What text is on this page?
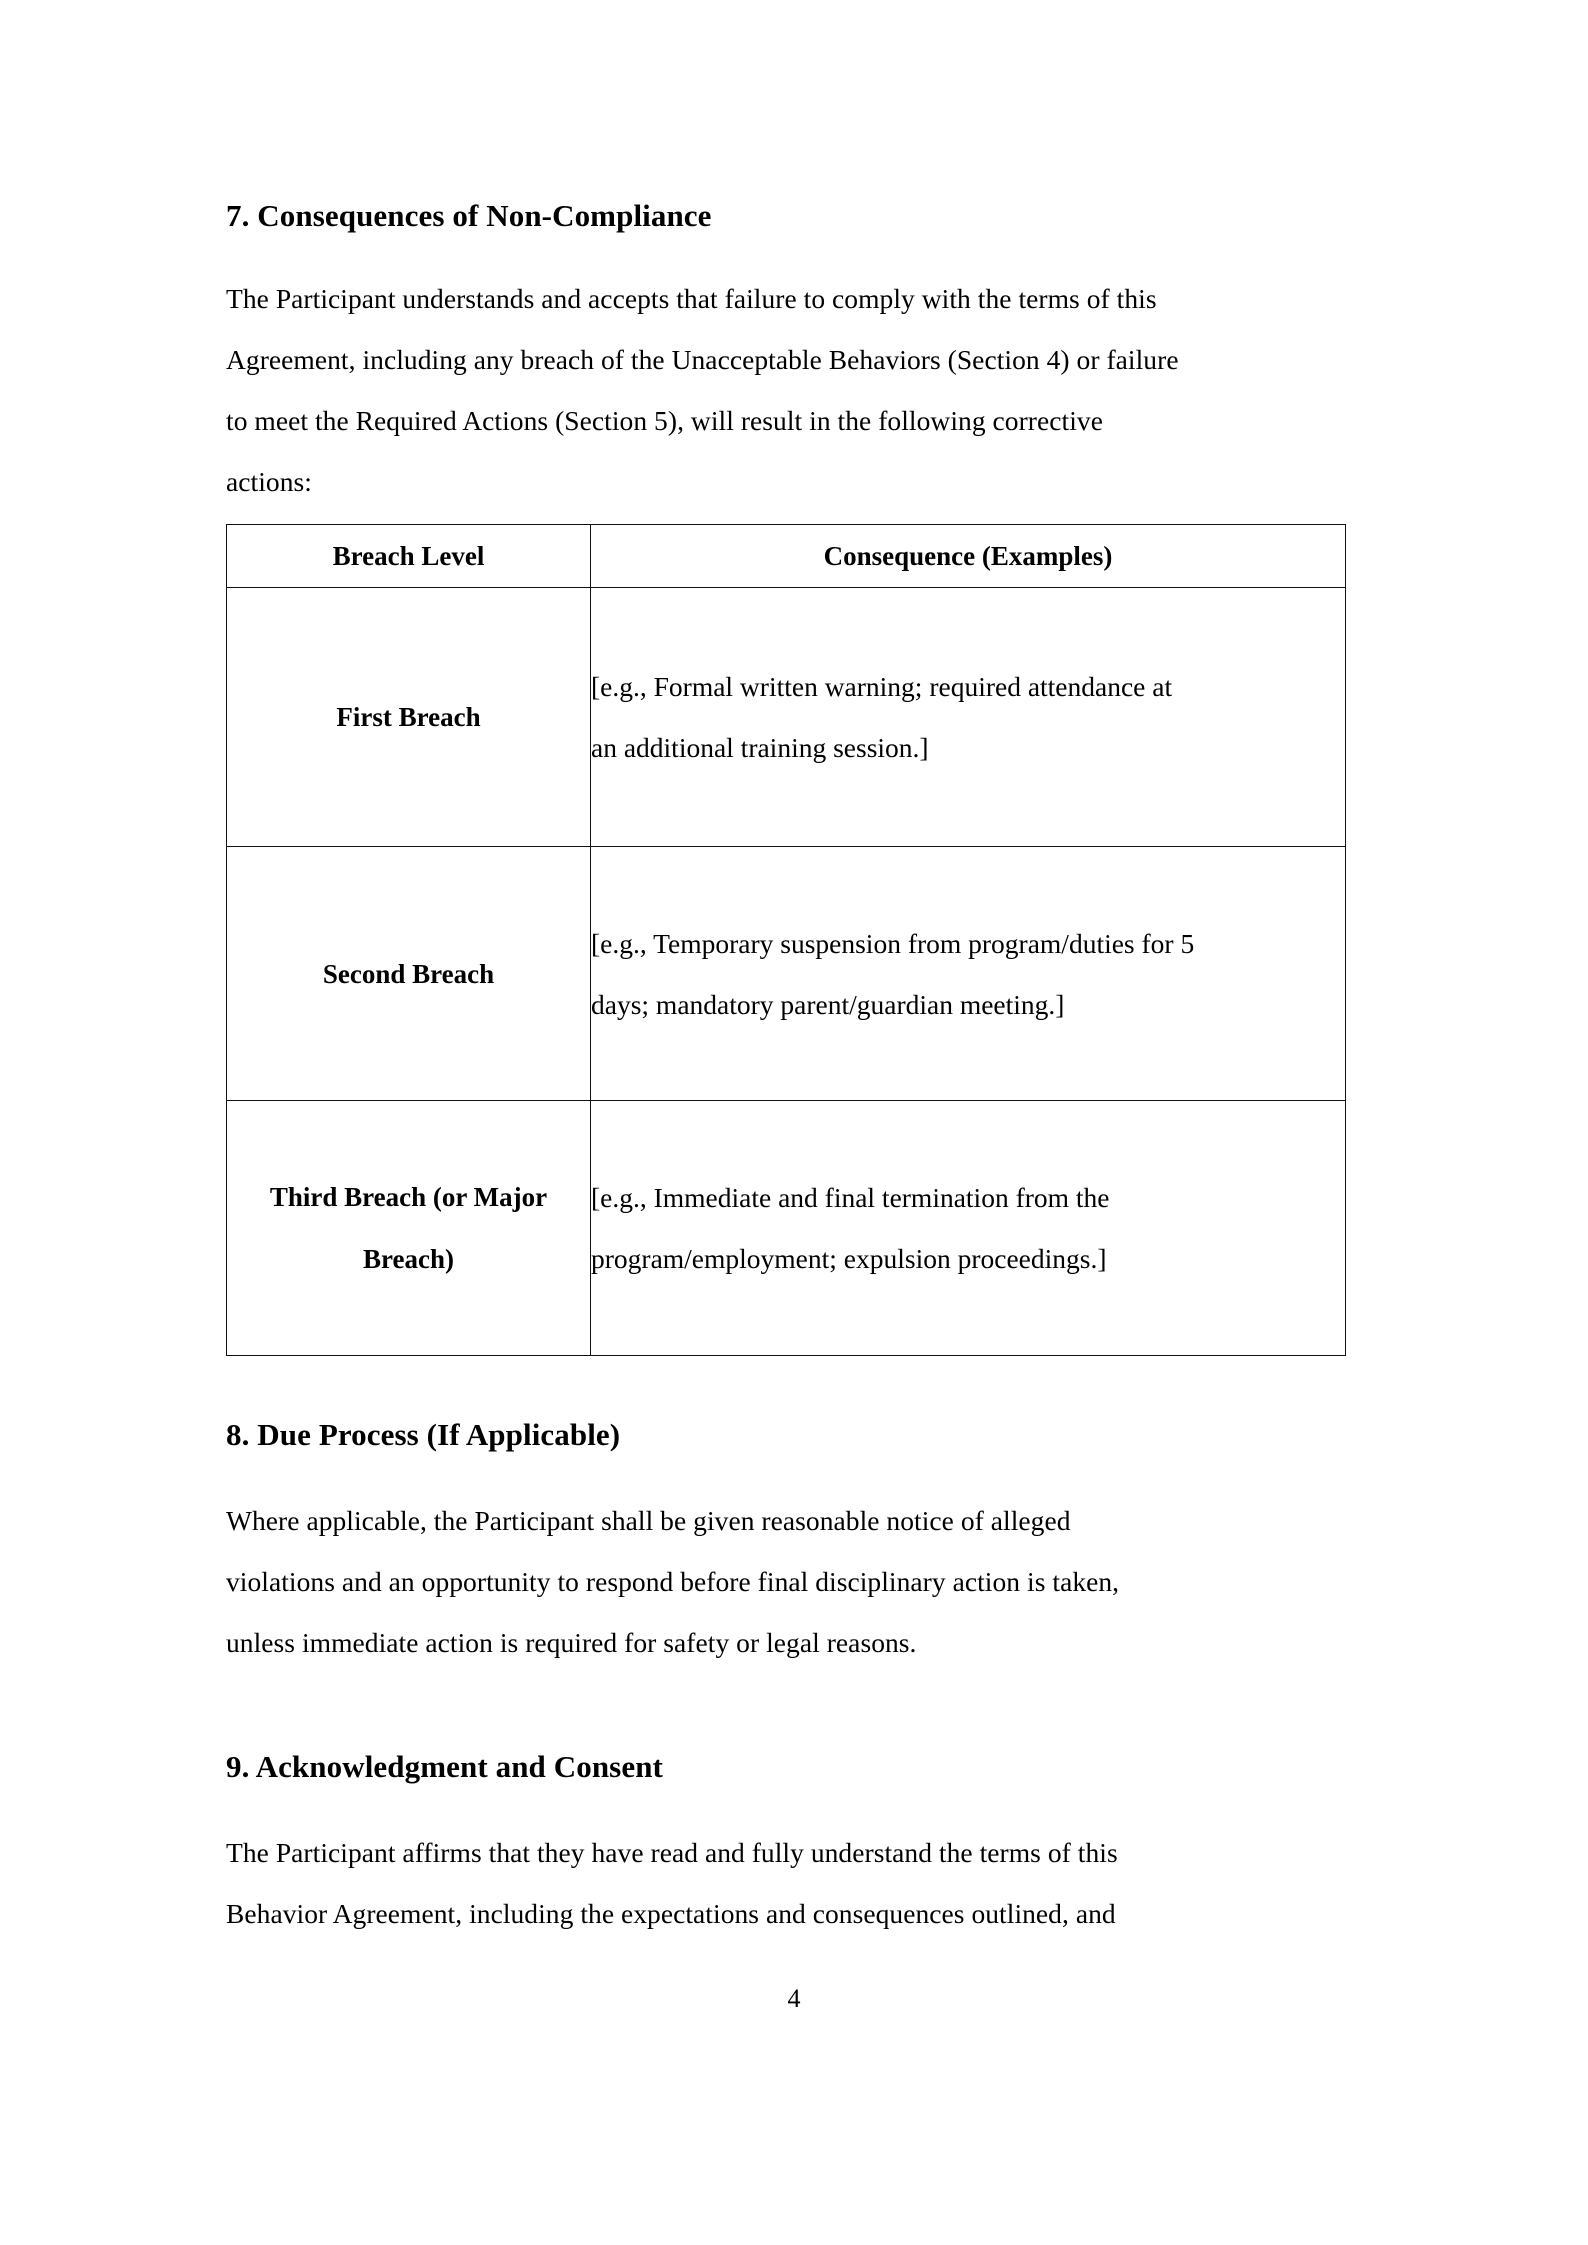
7. Consequences of Non-Compliance

The Participant understands and accepts that failure to comply with the terms of this
Agreement, including any breach of the Unacceptable Behaviors (Section 4) or failure
to meet the Required Actions (Section 5), will result in the following corrective
actions:

Breach Level	Consequence (Examples)

First Breach	[e.g., Formal written warning; required attendance at
an additional training session.]

Second Breach	[e.g., Temporary suspension from program/duties for 5
days; mandatory parent/guardian meeting.]

Third Breach (or Major
Breach)	[e.g., Immediate and final termination from the
program/employment; expulsion proceedings.]
8. Due Process (If Applicable)

Where applicable, the Participant shall be given reasonable notice of alleged
violations and an opportunity to respond before final disciplinary action is taken,
unless immediate action is required for safety or legal reasons.

9. Acknowledgment and Consent

The Participant affirms that they have read and fully understand the terms of this
Behavior Agreement, including the expectations and consequences outlined, and

4
